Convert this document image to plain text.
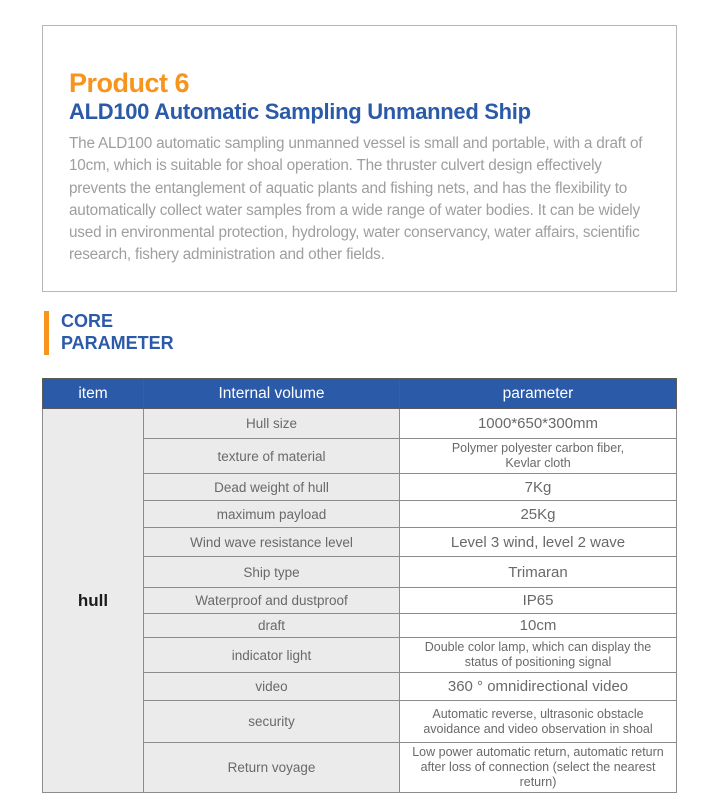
Product 6
ALD100 Automatic Sampling Unmanned Ship

The ALD100 automatic sampling unmanned vessel is small and portable, with a draft of 10cm, which is suitable for shoal operation. The thruster culvert design effectively prevents the entanglement of aquatic plants and fishing nets, and has the flexibility to automatically collect water samples from a wide range of water bodies. It can be widely used in environmental protection, hydrology, water conservancy, water affairs, scientific research, fishery administration and other fields.

CORE
PARAMETER
item	Internal volume	parameter
hull	Hull size	1000*650*300mm
	texture of material	Polymer polyester carbon fiber, Kevlar cloth
	Dead weight of hull	7Kg
	maximum payload	25Kg
	Wind wave resistance level	Level 3 wind, level 2 wave
	Ship type	Trimaran
	Waterproof and dustproof	IP65
	draft	10cm
	indicator light	Double color lamp, which can display the status of positioning signal
	video	360 ° omnidirectional video
	security	Automatic reverse, ultrasonic obstacle avoidance and video observation in shoal
	Return voyage	Low power automatic return, automatic return after loss of connection (select the nearest return)
